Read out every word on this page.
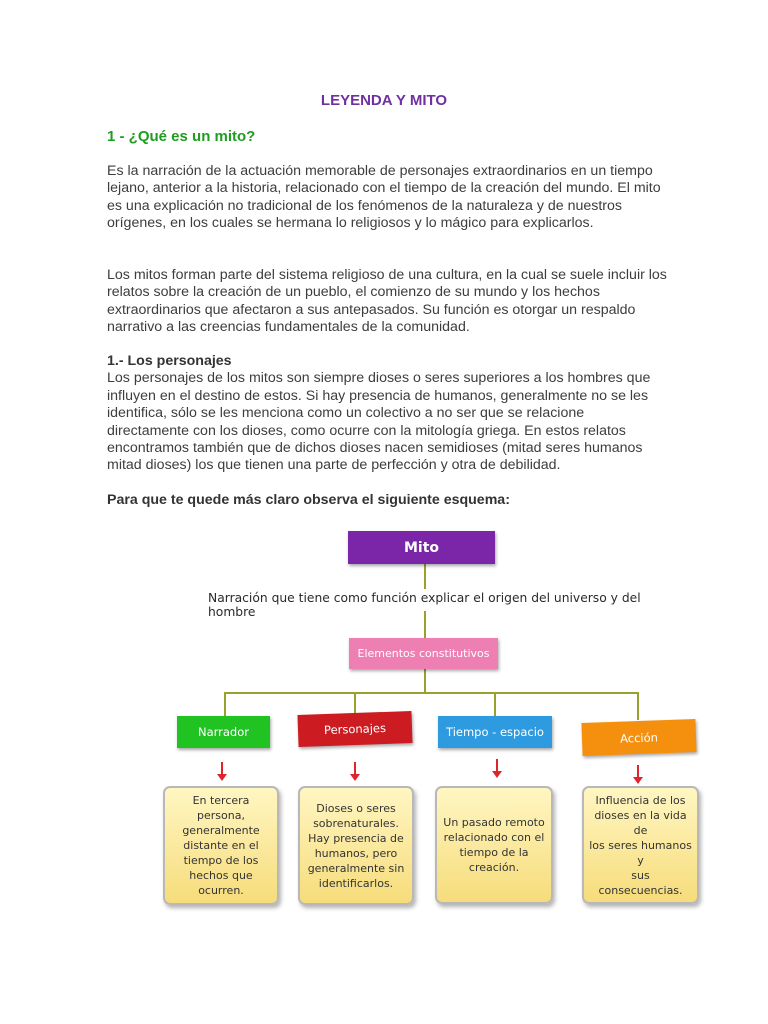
LEYENDA Y MITO
1 - ¿Qué es un mito?
Es la narración de la actuación memorable de personajes extraordinarios en un tiempo lejano, anterior a la historia, relacionado con el tiempo de la creación del mundo. El mito es una explicación no tradicional de los fenómenos de la naturaleza y de nuestros orígenes, en los cuales se hermana lo religiosos y lo mágico para explicarlos.
Los mitos forman parte del sistema religioso de una cultura, en la cual se suele incluir los relatos sobre la creación de un pueblo, el comienzo de su mundo y los hechos extraordinarios que afectaron a sus antepasados. Su función es otorgar un respaldo narrativo a las creencias fundamentales de la comunidad.
1.- Los personajes
Los personajes de los mitos son siempre dioses o seres superiores a los hombres que influyen en el destino de estos. Si hay presencia de humanos, generalmente no se les identifica, sólo se les menciona como un colectivo a no ser que se relacione directamente con los dioses, como ocurre con la mitología griega. En estos relatos encontramos también que de dichos dioses nacen semidioses (mitad seres humanos mitad dioses) los que tienen una parte de perfección y otra de debilidad.
Para que te quede más claro observa el siguiente esquema:
Mito
Narración que tiene como función explicar el origen del universo y del hombre
Elementos constitutivos
Narrador	Personajes	Tiempo - espacio	Acción
En tercera persona,
generalmente
distante en el
tiempo de los
hechos que
ocurren.
Dioses o seres
sobrenaturales.
Hay presencia de
humanos, pero
generalmente sin
identificarlos.
Un pasado remoto
relacionado con el
tiempo de la
creación.
Influencia de los
dioses en la vida de
los seres humanos y
sus consecuencias.
